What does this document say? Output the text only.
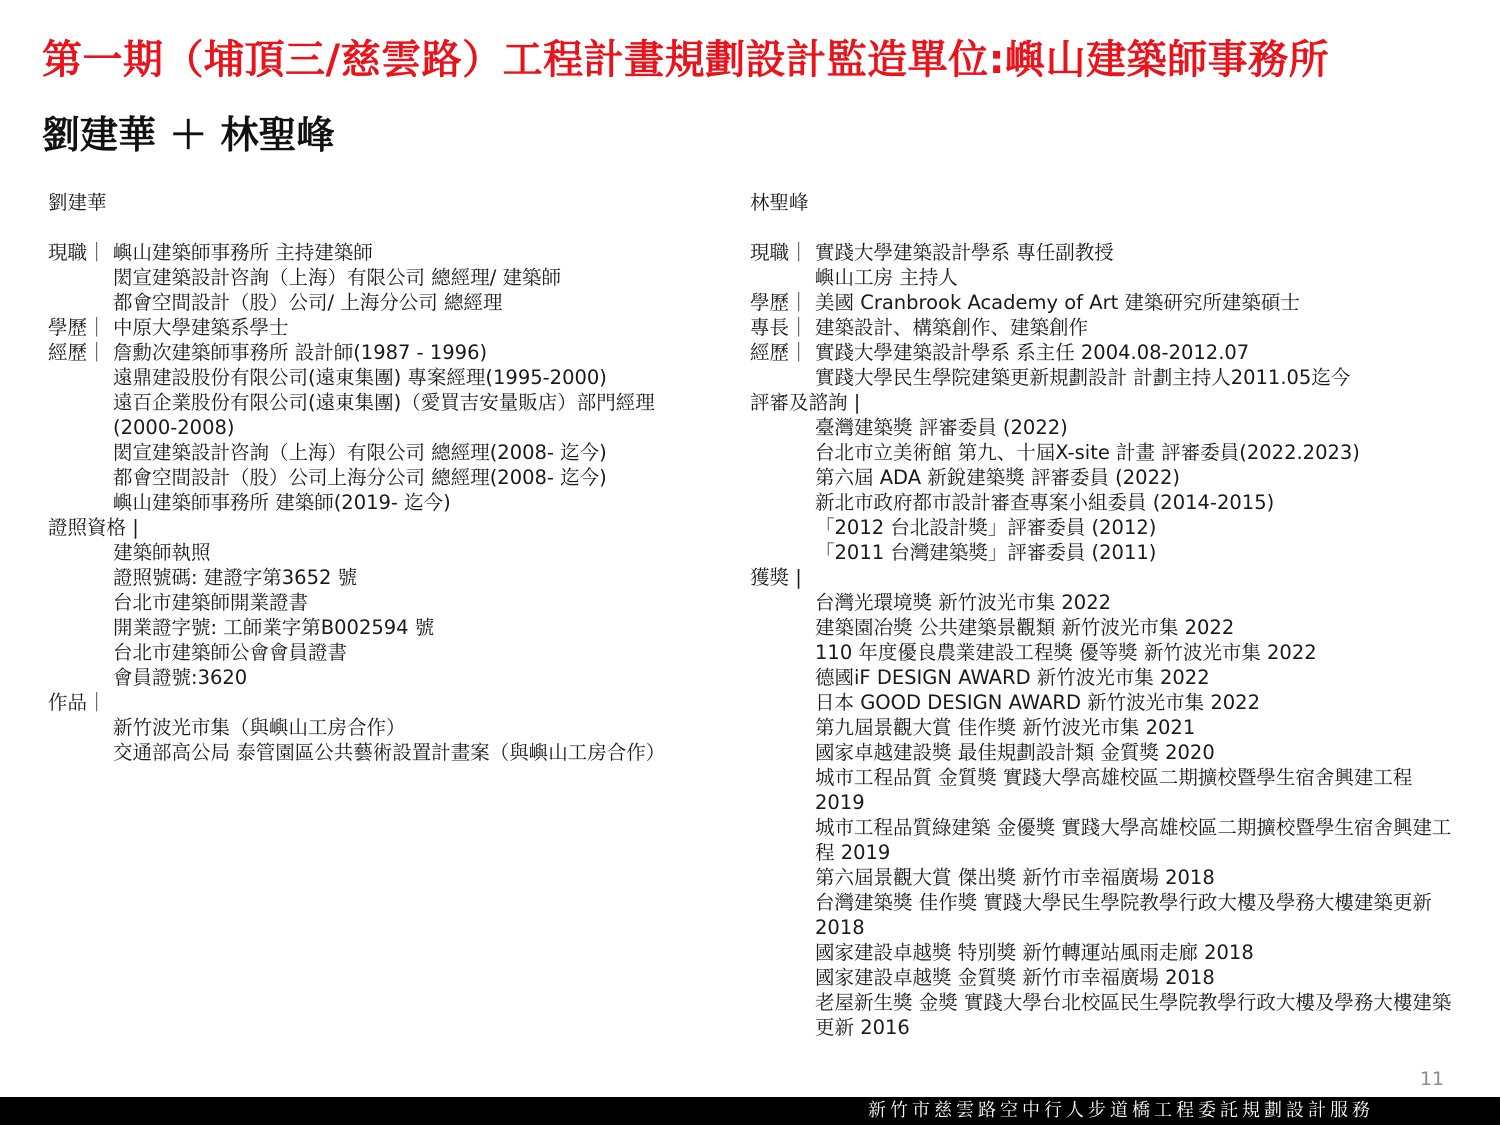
第一期（埔頂三/慈雲路）工程計畫規劃設計監造單位:嶼山建築師事務所
劉建華 ＋ 林聖峰
劉建華
現職｜ 嶼山建築師事務所 主持建築師
閎宣建築設計咨詢（上海）有限公司 總經理/ 建築師
都會空間設計（股）公司/ 上海分公司 總經理
學歷｜ 中原大學建築系學士
經歷｜ 詹勳次建築師事務所 設計師(1987 - 1996)
遠鼎建設股份有限公司(遠東集團) 專案經理(1995-2000)
遠百企業股份有限公司(遠東集團)（愛買吉安量販店）部門經理(2000-2008)
閎宣建築設計咨詢（上海）有限公司 總經理(2008- 迄今)
都會空間設計（股）公司上海分公司 總經理(2008- 迄今)
嶼山建築師事務所 建築師(2019- 迄今)
證照資格 |
建築師執照
證照號碼: 建證字第3652 號
台北市建築師開業證書
開業證字號: 工師業字第B002594 號
台北市建築師公會會員證書
會員證號:3620
作品｜
新竹波光市集（與嶼山工房合作）
交通部高公局 泰管園區公共藝術設置計畫案（與嶼山工房合作）
林聖峰
現職｜ 實踐大學建築設計學系 專任副教授
嶼山工房 主持人
學歷｜ 美國 Cranbrook Academy of Art 建築研究所建築碩士
專長｜ 建築設計、構築創作、建築創作
經歷｜ 實踐大學建築設計學系 系主任 2004.08-2012.07
實踐大學民生學院建築更新規劃設計 計劃主持人2011.05迄今
評審及諮詢 |
臺灣建築獎 評審委員 (2022)
台北市立美術館 第九、十屆X-site 計畫 評審委員(2022.2023)
第六屆 ADA 新銳建築獎 評審委員 (2022)
新北市政府都市設計審查專案小組委員 (2014-2015)
「2012 台北設計獎」評審委員 (2012)
「2011 台灣建築獎」評審委員 (2011)
獲獎 |
台灣光環境獎 新竹波光市集 2022
建築園冶獎 公共建築景觀類 新竹波光市集 2022
110 年度優良農業建設工程獎 優等獎 新竹波光市集 2022
德國iF DESIGN AWARD 新竹波光市集 2022
日本 GOOD DESIGN AWARD 新竹波光市集 2022
第九屆景觀大賞 佳作獎 新竹波光市集 2021
國家卓越建設獎 最佳規劃設計類 金質獎 2020
城市工程品質 金質獎 實踐大學高雄校區二期擴校暨學生宿舍興建工程 2019
城市工程品質綠建築 金優獎 實踐大學高雄校區二期擴校暨學生宿舍興建工程 2019
第六屆景觀大賞 傑出獎 新竹市幸福廣場 2018
台灣建築獎 佳作獎 實踐大學民生學院教學行政大樓及學務大樓建築更新 2018
國家建設卓越獎 特別獎 新竹轉運站風雨走廊 2018
國家建設卓越獎 金質獎 新竹市幸福廣場 2018
老屋新生獎 金獎 實踐大學台北校區民生學院教學行政大樓及學務大樓建築更新 2016
11
新竹市慈雲路空中行人步道橋工程委託規劃設計服務
